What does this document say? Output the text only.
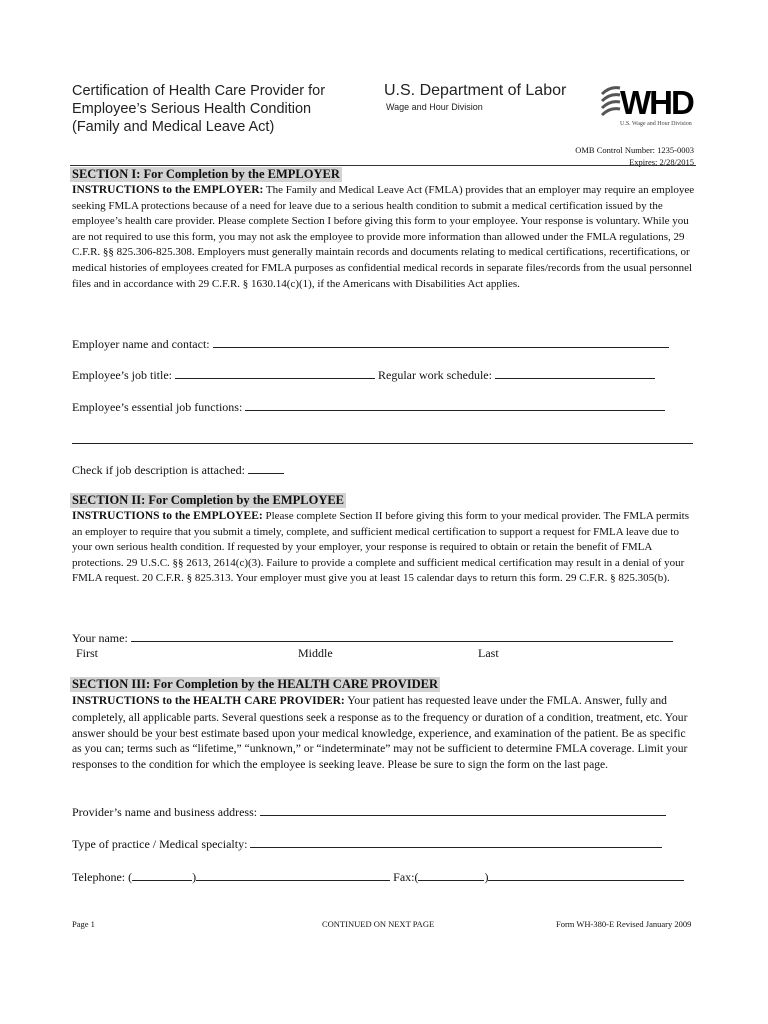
Certification of Health Care Provider for
Employee’s Serious Health Condition
(Family and Medical Leave Act)
U.S. Department of Labor
Wage and Hour Division	WHD
U.S. Wage and Hour Division
OMB Control Number: 1235-0003
Expires: 2/28/2015
SECTION I: For Completion by the EMPLOYER
INSTRUCTIONS to the EMPLOYER: The Family and Medical Leave Act (FMLA) provides that an employer may require an employee seeking FMLA protections because of a need for leave due to a serious health condition to submit a medical certification issued by the employee’s health care provider. Please complete Section I before giving this form to your employee. Your response is voluntary. While you are not required to use this form, you may not ask the employee to provide more information than allowed under the FMLA regulations, 29 C.F.R. §§ 825.306-825.308. Employers must generally maintain records and documents relating to medical certifications, recertifications, or medical histories of employees created for FMLA purposes as confidential medical records in separate files/records from the usual personnel files and in accordance with 29 C.F.R. § 1630.14(c)(1), if the Americans with Disabilities Act applies.
Employer name and contact:
Employee’s job title:	Regular work schedule:
Employee’s essential job functions:
Check if job description is attached:
SECTION II: For Completion by the EMPLOYEE
INSTRUCTIONS to the EMPLOYEE: Please complete Section II before giving this form to your medical provider. The FMLA permits an employer to require that you submit a timely, complete, and sufficient medical certification to support a request for FMLA leave due to your own serious health condition. If requested by your employer, your response is required to obtain or retain the benefit of FMLA protections. 29 U.S.C. §§ 2613, 2614(c)(3). Failure to provide a complete and sufficient medical certification may result in a denial of your FMLA request. 20 C.F.R. § 825.313. Your employer must give you at least 15 calendar days to return this form. 29 C.F.R. § 825.305(b).
Your name:
First	Middle	Last
SECTION III: For Completion by the HEALTH CARE PROVIDER
INSTRUCTIONS to the HEALTH CARE PROVIDER: Your patient has requested leave under the FMLA. Answer, fully and completely, all applicable parts. Several questions seek a response as to the frequency or duration of a condition, treatment, etc. Your answer should be your best estimate based upon your medical knowledge, experience, and examination of the patient. Be as specific as you can; terms such as “lifetime,” “unknown,” or “indeterminate” may not be sufficient to determine FMLA coverage. Limit your responses to the condition for which the employee is seeking leave. Please be sure to sign the form on the last page.
Provider’s name and business address:
Type of practice / Medical specialty:
Telephone: (	)	Fax:(	)
Page 1	CONTINUED ON NEXT PAGE	Form WH-380-E Revised January 2009
